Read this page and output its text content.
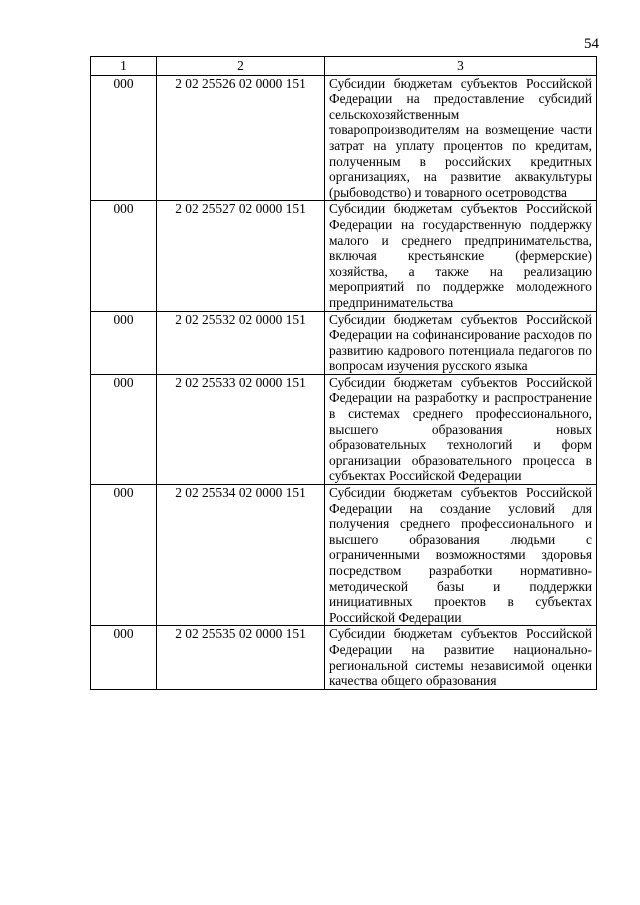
54
1	2	3
000	2 02 25526 02 0000 151	Субсидии бюджетам субъектов Российской Федерации на предоставление субсидий сельскохозяйственным товаропроизводителям на возмещение части затрат на уплату процентов по кредитам, полученным в российских кредитных организациях, на развитие аквакультуры (рыбоводство) и товарного осетроводства
000	2 02 25527 02 0000 151	Субсидии бюджетам субъектов Российской Федерации на государственную поддержку малого и среднего предпринимательства, включая крестьянские (фермерские) хозяйства, а также на реализацию мероприятий по поддержке молодежного предпринимательства
000	2 02 25532 02 0000 151	Субсидии бюджетам субъектов Российской Федерации на софинансирование расходов по развитию кадрового потенциала педагогов по вопросам изучения русского языка
000	2 02 25533 02 0000 151	Субсидии бюджетам субъектов Российской Федерации на разработку и распространение в системах среднего профессионального, высшего образования новых образовательных технологий и форм организации образовательного процесса в субъектах Российской Федерации
000	2 02 25534 02 0000 151	Субсидии бюджетам субъектов Российской Федерации на создание условий для получения среднего профессионального и высшего образования людьми с ограниченными возможностями здоровья посредством разработки нормативно-методической базы и поддержки инициативных проектов в субъектах Российской Федерации
000	2 02 25535 02 0000 151	Субсидии бюджетам субъектов Российской Федерации на развитие национально-региональной системы независимой оценки качества общего образования
